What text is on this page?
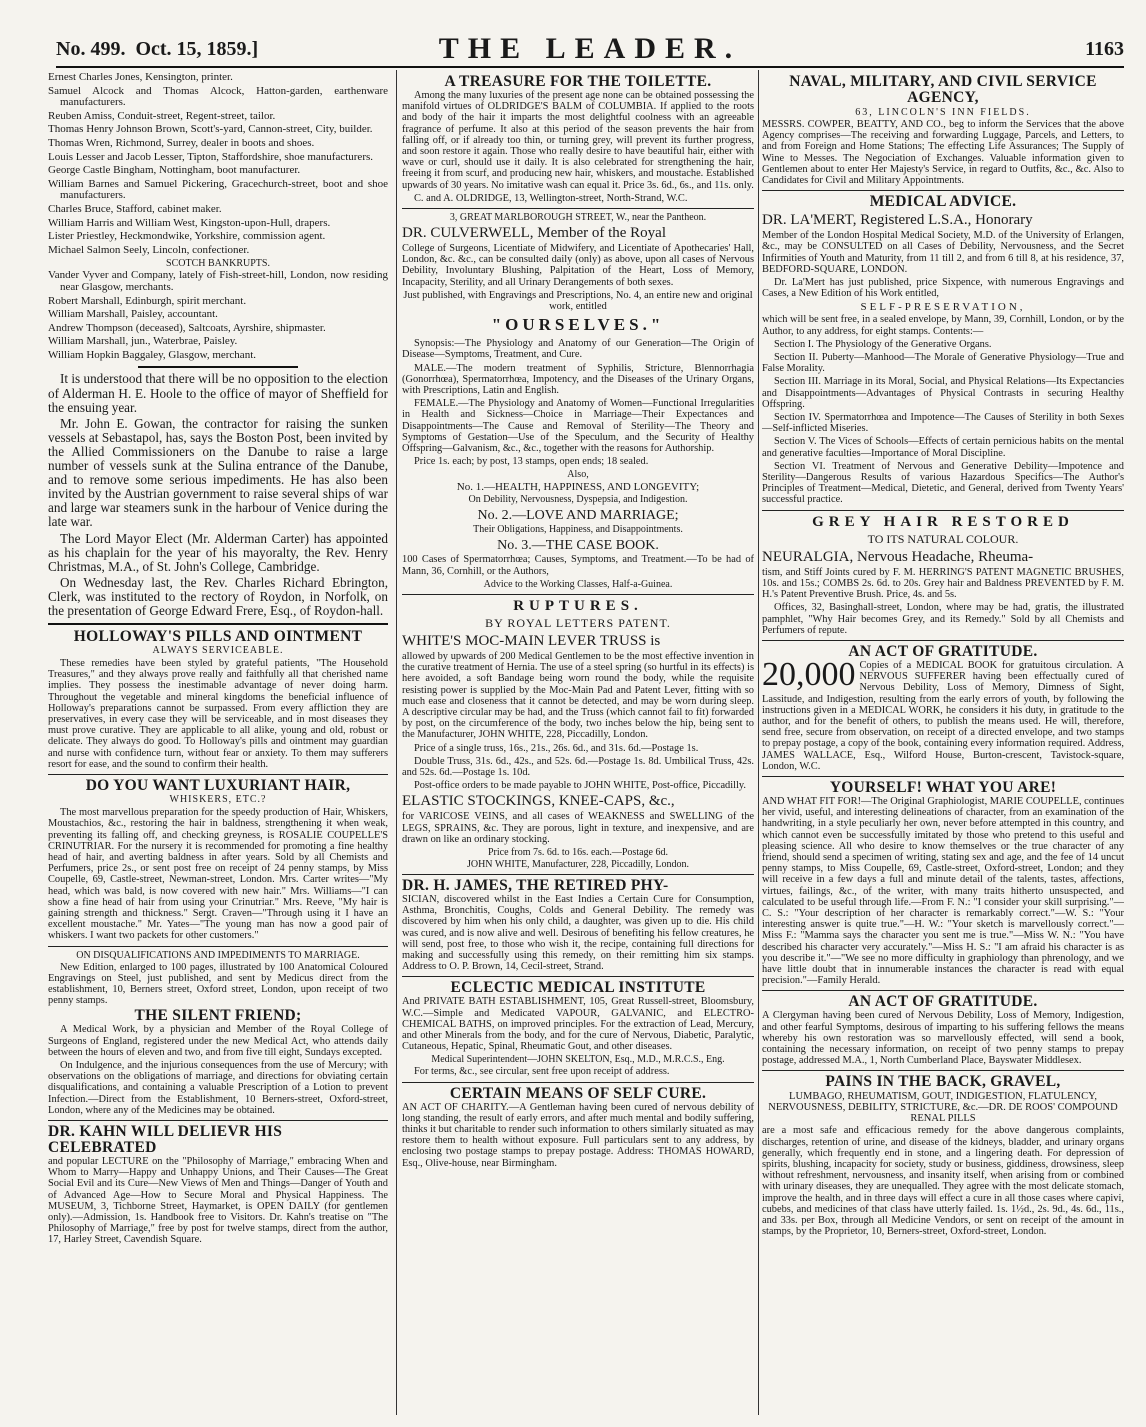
No. 499. Oct. 15, 1859.]	THE LEADER.	1163

Ernest Charles Jones, Kensington, printer.

Samuel Alcock and Thomas Alcock, Hatton-garden, earthenware manufacturers.

Reuben Amiss, Conduit-street, Regent-street, tailor.

Thomas Henry Johnson Brown, Scott's-yard, Cannon-street, City, builder.

Thomas Wren, Richmond, Surrey, dealer in boots and shoes.

Louis Lesser and Jacob Lesser, Tipton, Staffordshire, shoe manufacturers.

George Castle Bingham, Nottingham, boot manufacturer.

William Barnes and Samuel Pickering, Gracechurch-street, boot and shoe manufacturers.

Charles Bruce, Stafford, cabinet maker.

William Harris and William West, Kingston-upon-Hull, drapers.

Lister Priestley, Heckmondwike, Yorkshire, commission agent.

Michael Salmon Seely, Lincoln, confectioner.

SCOTCH BANKRUPTS.

Vander Vyver and Company, lately of Fish-street-hill, London, now residing near Glasgow, merchants.

Robert Marshall, Edinburgh, spirit merchant.

William Marshall, Paisley, accountant.

Andrew Thompson (deceased), Saltcoats, Ayrshire, shipmaster.

William Marshall, jun., Waterbrae, Paisley.

William Hopkin Baggaley, Glasgow, merchant.

It is understood that there will be no opposition to the election of Alderman H. E. Hoole to the office of mayor of Sheffield for the ensuing year.

Mr. John E. Gowan, the contractor for raising the sunken vessels at Sebastapol, has, says the Boston Post, been invited by the Allied Commissioners on the Danube to raise a large number of vessels sunk at the Sulina entrance of the Danube, and to remove some serious impediments. He has also been invited by the Austrian government to raise several ships of war and large war steamers sunk in the harbour of Venice during the late war.

The Lord Mayor Elect (Mr. Alderman Carter) has appointed as his chaplain for the year of his mayoralty, the Rev. Henry Christmas, M.A., of St. John's College, Cambridge.

On Wednesday last, the Rev. Charles Richard Ebrington, Clerk, was instituted to the rectory of Roydon, in Norfolk, on the presentation of George Edward Frere, Esq., of Roydon-hall.

HOLLOWAY'S PILLS AND OINTMENT
ALWAYS SERVICEABLE.

These remedies have been styled by grateful patients, "The Household Treasures," and they always prove really and faithfully all that cherished name implies. They possess the inestimable advantage of never doing harm. Throughout the vegetable and mineral kingdoms the beneficial influence of Holloway's preparations cannot be surpassed. From every affliction they are preservatives, in every case they will be serviceable, and in most diseases they must prove curative. They are applicable to all alike, young and old, robust or delicate. They always do good. To Holloway's pills and ointment may guardian and nurse with confidence turn, without fear or anxiety. To them may sufferers resort for ease, and the sound to confirm their health.

DO YOU WANT LUXURIANT HAIR,
WHISKERS, ETC.?

The most marvellous preparation for the speedy production of Hair, Whiskers, Moustachios, &c., restoring the hair in baldness, strengthening it when weak, preventing its falling off, and checking greyness, is ROSALIE COUPELLE'S CRINUTRIAR. For the nursery it is recommended for promoting a fine healthy head of hair, and averting baldness in after years. Sold by all Chemists and Perfumers, price 2s., or sent post free on receipt of 24 penny stamps, by Miss Coupelle, 69, Castle-street, Newman-street, London. Mrs. Carter writes—"My head, which was bald, is now covered with new hair." Mrs. Williams—"I can show a fine head of hair from using your Crinutriar." Mrs. Reeve, "My hair is gaining strength and thickness." Sergt. Craven—"Through using it I have an excellent moustache." Mr. Yates—"The young man has now a good pair of whiskers. I want two packets for other customers."

ON DISQUALIFICATIONS AND IMPEDIMENTS TO MARRIAGE.

New Edition, enlarged to 100 pages, illustrated by 100 Anatomical Coloured Engravings on Steel, just published, and sent by Medicus direct from the establishment, 10, Berners street, Oxford street, London, upon receipt of two penny stamps.

THE SILENT FRIEND;

A Medical Work, by a physician and Member of the Royal College of Surgeons of England, registered under the new Medical Act, who attends daily between the hours of eleven and two, and from five till eight, Sundays excepted.

On Indulgence, and the injurious consequences from the use of Mercury; with observations on the obligations of marriage, and directions for obviating certain disqualifications, and containing a valuable Prescription of a Lotion to prevent Infection.—Direct from the Establishment, 10 Berners-street, Oxford-street, London, where any of the Medicines may be obtained.

DR. KAHN WILL DELIEVR HIS CELEBRATED

and popular LECTURE on the "Philosophy of Marriage," embracing When and Whom to Marry—Happy and Unhappy Unions, and Their Causes—The Great Social Evil and its Cure—New Views of Men and Things—Danger of Youth and of Advanced Age—How to Secure Moral and Physical Happiness. The MUSEUM, 3, Tichborne Street, Haymarket, is OPEN DAILY (for gentlemen only).—Admission, 1s. Handbook free to Visitors. Dr. Kahn's treatise on "The Philosophy of Marriage," free by post for twelve stamps, direct from the author, 17, Harley Street, Cavendish Square.

A TREASURE FOR THE TOILETTE.

Among the many luxuries of the present age none can be obtained possessing the manifold virtues of OLDRIDGE'S BALM of COLUMBIA. If applied to the roots and body of the hair it imparts the most delightful coolness with an agreeable fragrance of perfume. It also at this period of the season prevents the hair from falling off, or if already too thin, or turning grey, will prevent its further progress, and soon restore it again. Those who really desire to have beautiful hair, either with wave or curl, should use it daily. It is also celebrated for strengthening the hair, freeing it from scurf, and producing new hair, whiskers, and moustache. Established upwards of 30 years. No imitative wash can equal it. Price 3s. 6d., 6s., and 11s. only.

C. and A. OLDRIDGE, 13, Wellington-street, North-Strand, W.C.

3, GREAT MARLBOROUGH STREET, W., near the Pantheon.
DR. CULVERWELL, Member of the Royal

College of Surgeons, Licentiate of Midwifery, and Licentiate of Apothecaries' Hall, London, &c. &c., can be consulted daily (only) as above, upon all cases of Nervous Debility, Involuntary Blushing, Palpitation of the Heart, Loss of Memory, Incapacity, Sterility, and all Urinary Derangements of both sexes.

Just published, with Engravings and Prescriptions, No. 4, an entire new and original work, entitled

"OURSELVES."

Synopsis:—The Physiology and Anatomy of our Generation—The Origin of Disease—Symptoms, Treatment, and Cure.

MALE.—The modern treatment of Syphilis, Stricture, Blennorrhagia (Gonorrhœa), Spermatorrhœa, Impotency, and the Diseases of the Urinary Organs, with Prescriptions, Latin and English.

FEMALE.—The Physiology and Anatomy of Women—Functional Irregularities in Health and Sickness—Choice in Marriage—Their Expectances and Disappointments—The Cause and Removal of Sterility—The Theory and Symptoms of Gestation—Use of the Speculum, and the Security of Healthy Offspring—Galvanism, &c., &c., together with the reasons for Authorship.

Price 1s. each; by post, 13 stamps, open ends; 18 sealed.

Also,
No. 1.—HEALTH, HAPPINESS, AND LONGEVITY;
On Debility, Nervousness, Dyspepsia, and Indigestion.
No. 2.—LOVE AND MARRIAGE;
Their Obligations, Happiness, and Disappointments.
No. 3.—THE CASE BOOK.

100 Cases of Spermatorrhœa; Causes, Symptoms, and Treatment.—To be had of Mann, 36, Cornhill, or the Authors,

Advice to the Working Classes, Half-a-Guinea.
RUPTURES.
BY ROYAL LETTERS PATENT.
WHITE'S MOC-MAIN LEVER TRUSS is

allowed by upwards of 200 Medical Gentlemen to be the most effective invention in the curative treatment of Hernia. The use of a steel spring (so hurtful in its effects) is here avoided, a soft Bandage being worn round the body, while the requisite resisting power is supplied by the Moc-Main Pad and Patent Lever, fitting with so much ease and closeness that it cannot be detected, and may be worn during sleep. A descriptive circular may be had, and the Truss (which cannot fail to fit) forwarded by post, on the circumference of the body, two inches below the hip, being sent to the Manufacturer, JOHN WHITE, 228, Piccadilly, London.

Price of a single truss, 16s., 21s., 26s. 6d., and 31s. 6d.—Postage 1s.

Double Truss, 31s. 6d., 42s., and 52s. 6d.—Postage 1s. 8d. Umbilical Truss, 42s. and 52s. 6d.—Postage 1s. 10d.

Post-office orders to be made payable to JOHN WHITE, Post-office, Piccadilly.

ELASTIC STOCKINGS, KNEE-CAPS, &c.,

for VARICOSE VEINS, and all cases of WEAKNESS and SWELLING of the LEGS, SPRAINS, &c. They are porous, light in texture, and inexpensive, and are drawn on like an ordinary stocking.

Price from 7s. 6d. to 16s. each.—Postage 6d.
JOHN WHITE, Manufacturer, 228, Piccadilly, London.
DR. H. JAMES, THE RETIRED PHY-

SICIAN, discovered whilst in the East Indies a Certain Cure for Consumption, Asthma, Bronchitis, Coughs, Colds and General Debility. The remedy was discovered by him when his only child, a daughter, was given up to die. His child was cured, and is now alive and well. Desirous of benefiting his fellow creatures, he will send, post free, to those who wish it, the recipe, containing full directions for making and successfully using this remedy, on their remitting him six stamps. Address to O. P. Brown, 14, Cecil-street, Strand.

ECLECTIC MEDICAL INSTITUTE

And PRIVATE BATH ESTABLISHMENT, 105, Great Russell-street, Bloomsbury, W.C.—Simple and Medicated VAPOUR, GALVANIC, and ELECTRO-CHEMICAL BATHS, on improved principles. For the extraction of Lead, Mercury, and other Minerals from the body, and for the cure of Nervous, Diabetic, Paralytic, Cutaneous, Hepatic, Spinal, Rheumatic Gout, and other diseases.

Medical Superintendent—JOHN SKELTON, Esq., M.D., M.R.C.S., Eng.

For terms, &c., see circular, sent free upon receipt of address.

CERTAIN MEANS OF SELF CURE.

AN ACT OF CHARITY.—A Gentleman having been cured of nervous debility of long standing, the result of early errors, and after much mental and bodily suffering, thinks it but charitable to render such information to others similarly situated as may restore them to health without exposure. Full particulars sent to any address, by enclosing two postage stamps to prepay postage. Address: THOMAS HOWARD, Esq., Olive-house, near Birmingham.

NAVAL, MILITARY, AND CIVIL SERVICE AGENCY,
63, LINCOLN'S INN FIELDS.

MESSRS. COWPER, BEATTY, AND CO., beg to inform the Services that the above Agency comprises—The receiving and forwarding Luggage, Parcels, and Letters, to and from Foreign and Home Stations; The effecting Life Assurances; The Supply of Wine to Messes. The Negociation of Exchanges. Valuable information given to Gentlemen about to enter Her Majesty's Service, in regard to Outfits, &c., &c. Also to Candidates for Civil and Military Appointments.

MEDICAL ADVICE.
DR. LA'MERT, Registered L.S.A., Honorary

Member of the London Hospital Medical Society, M.D. of the University of Erlangen, &c., may be CONSULTED on all Cases of Debility, Nervousness, and the Secret Infirmities of Youth and Maturity, from 11 till 2, and from 6 till 8, at his residence, 37, BEDFORD-SQUARE, LONDON.

Dr. La'Mert has just published, price Sixpence, with numerous Engravings and Cases, a New Edition of his Work entitled,

SELF-PRESERVATION,

which will be sent free, in a sealed envelope, by Mann, 39, Cornhill, London, or by the Author, to any address, for eight stamps. Contents:—

Section I. The Physiology of the Generative Organs.

Section II. Puberty—Manhood—The Morale of Generative Physiology—True and False Morality.

Section III. Marriage in its Moral, Social, and Physical Relations—Its Expectancies and Disappointments—Advantages of Physical Contrasts in securing Healthy Offspring.

Section IV. Spermatorrhœa and Impotence—The Causes of Sterility in both Sexes—Self-inflicted Miseries.

Section V. The Vices of Schools—Effects of certain pernicious habits on the mental and generative faculties—Importance of Moral Discipline.

Section VI. Treatment of Nervous and Generative Debility—Impotence and Sterility—Dangerous Results of various Hazardous Specifics—The Author's Principles of Treatment—Medical, Dietetic, and General, derived from Twenty Years' successful practice.

GREY HAIR RESTORED
TO ITS NATURAL COLOUR.
NEURALGIA, Nervous Headache, Rheuma-

tism, and Stiff Joints cured by F. M. HERRING'S PATENT MAGNETIC BRUSHES, 10s. and 15s.; COMBS 2s. 6d. to 20s. Grey hair and Baldness PREVENTED by F. M. H.'s Patent Preventive Brush. Price, 4s. and 5s.

Offices, 32, Basinghall-street, London, where may be had, gratis, the illustrated pamphlet, "Why Hair becomes Grey, and its Remedy." Sold by all Chemists and Perfumers of repute.

AN ACT OF GRATITUDE.

20,000 Copies of a MEDICAL BOOK for gratuitous circulation. A NERVOUS SUFFERER having been effectually cured of Nervous Debility, Loss of Memory, Dimness of Sight, Lassitude, and Indigestion, resulting from the early errors of youth, by following the instructions given in a MEDICAL WORK, he considers it his duty, in gratitude to the author, and for the benefit of others, to publish the means used. He will, therefore, send free, secure from observation, on receipt of a directed envelope, and two stamps to prepay postage, a copy of the book, containing every information required. Address, JAMES WALLACE, Esq., Wilford House, Burton-crescent, Tavistock-square, London, W.C.

YOURSELF! WHAT YOU ARE!

AND WHAT FIT FOR!—The Original Graphiologist, MARIE COUPELLE, continues her vivid, useful, and interesting delineations of character, from an examination of the handwriting, in a style peculiarly her own, never before attempted in this country, and which cannot even be successfully imitated by those who pretend to this useful and pleasing science. All who desire to know themselves or the true character of any friend, should send a specimen of writing, stating sex and age, and the fee of 14 uncut penny stamps, to Miss Coupelle, 69, Castle-street, Oxford-street, London; and they will receive in a few days a full and minute detail of the talents, tastes, affections, virtues, failings, &c., of the writer, with many traits hitherto unsuspected, and calculated to be useful through life.—From F. N.: "I consider your skill surprising."—C. S.: "Your description of her character is remarkably correct."—W. S.: "Your interesting answer is quite true."—H. W.: "Your sketch is marvellously correct."—Miss F.: "Mamma says the character you sent me is true."—Miss W. N.: "You have described his character very accurately."—Miss H. S.: "I am afraid his character is as you describe it."—"We see no more difficulty in graphiology than phrenology, and we have little doubt that in innumerable instances the character is read with equal precision."—Family Herald.

AN ACT OF GRATITUDE.

A Clergyman having been cured of Nervous Debility, Loss of Memory, Indigestion, and other fearful Symptoms, desirous of imparting to his suffering fellows the means whereby his own restoration was so marvellously effected, will send a book, containing the necessary information, on receipt of two penny stamps to prepay postage, addressed M.A., 1, North Cumberland Place, Bayswater Middlesex.

PAINS IN THE BACK, GRAVEL,
LUMBAGO, RHEUMATISM, GOUT, INDIGESTION, FLATULENCY, NERVOUSNESS, DEBILITY, STRICTURE, &c.—DR. DE ROOS' COMPOUND RENAL PILLS

are a most safe and efficacious remedy for the above dangerous complaints, discharges, retention of urine, and disease of the kidneys, bladder, and urinary organs generally, which frequently end in stone, and a lingering death. For depression of spirits, blushing, incapacity for society, study or business, giddiness, drowsiness, sleep without refreshment, nervousness, and insanity itself, when arising from or combined with urinary diseases, they are unequalled. They agree with the most delicate stomach, improve the health, and in three days will effect a cure in all those cases where capivi, cubebs, and medicines of that class have utterly failed. 1s. 1½d., 2s. 9d., 4s. 6d., 11s., and 33s. per Box, through all Medicine Vendors, or sent on receipt of the amount in stamps, by the Proprietor, 10, Berners-street, Oxford-street, London.
